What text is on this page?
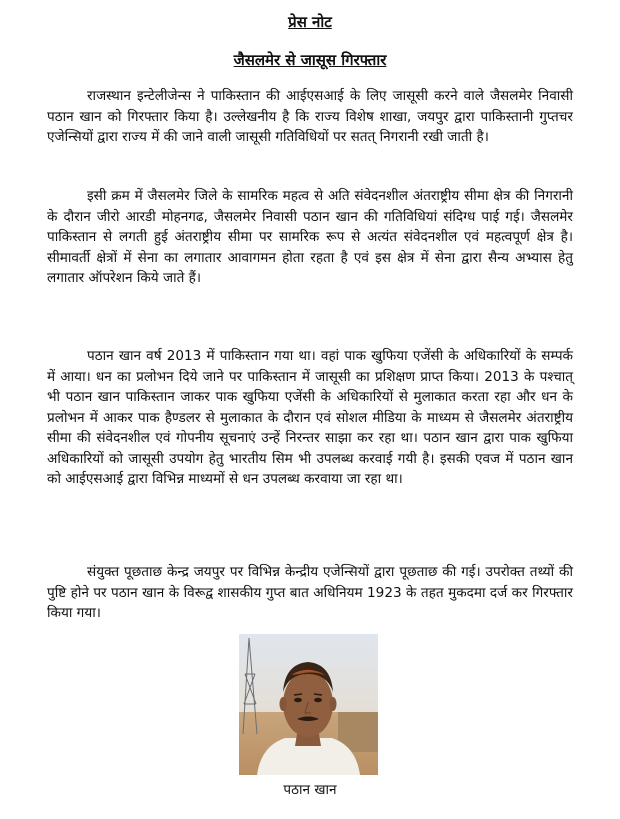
प्रेस नोट

जैसलमेर से जासूस गिरफ्तार

राजस्थान इन्टेलीजेन्स ने पाकिस्तान की आईएसआई के लिए जासूसी करने वाले जैसलमेर निवासी पठान खान को गिरफ्तार किया है। उल्लेखनीय है कि राज्य विशेष शाखा, जयपुर द्वारा पाकिस्तानी गुप्तचर एजेन्सियों द्वारा राज्य में की जाने वाली जासूसी गतिविधियों पर सतत् निगरानी रखी जाती है।

इसी क्रम में जैसलमेर जिले के सामरिक महत्व से अति संवेदनशील अंतराष्ट्रीय सीमा क्षेत्र की निगरानी के दौरान जीरो आरडी मोहनगढ, जैसलमेर निवासी पठान खान की गतिविधियां संदिग्ध पाई गई। जैसलमेर पाकिस्तान से लगती हुई अंतराष्ट्रीय सीमा पर सामरिक रूप से अत्यंत संवेदनशील एवं महत्वपूर्ण क्षेत्र है। सीमावर्ती क्षेत्रों में सेना का लगातार आवागमन होता रहता है एवं इस क्षेत्र में सेना द्वारा सैन्य अभ्यास हेतु लगातार ऑपरेशन किये जाते हैं।

पठान खान वर्ष 2013 में पाकिस्तान गया था। वहां पाक खुफिया एजेंसी के अधिकारियों के सम्पर्क में आया। धन का प्रलोभन दिये जाने पर पाकिस्तान में जासूसी का प्रशिक्षण प्राप्त किया। 2013 के पश्चात् भी पठान खान पाकिस्तान जाकर पाक खुफिया एजेंसी के अधिकारियों से मुलाकात करता रहा और धन के प्रलोभन में आकर पाक हैण्डलर से मुलाकात के दौरान एवं सोशल मीडिया के माध्यम से जैसलमेर अंतराष्ट्रीय सीमा की संवेदनशील एवं गोपनीय सूचनाएं उन्हें निरन्तर साझा कर रहा था। पठान खान द्वारा पाक खुफिया अधिकारियों को जासूसी उपयोग हेतु भारतीय सिम भी उपलब्ध करवाई गयी है। इसकी एवज में पठान खान को आईएसआई द्वारा विभिन्न माध्यमों से धन उपलब्ध करवाया जा रहा था।

संयुक्त पूछताछ केन्द्र जयपुर पर विभिन्न केन्द्रीय एजेन्सियों द्वारा पूछताछ की गई। उपरोक्त तथ्यों की पुष्टि होने पर पठान खान के विरूद्व शासकीय गुप्त बात अधिनियम 1923 के तहत मुकदमा दर्ज कर गिरफ्तार किया गया।

पठान खान
